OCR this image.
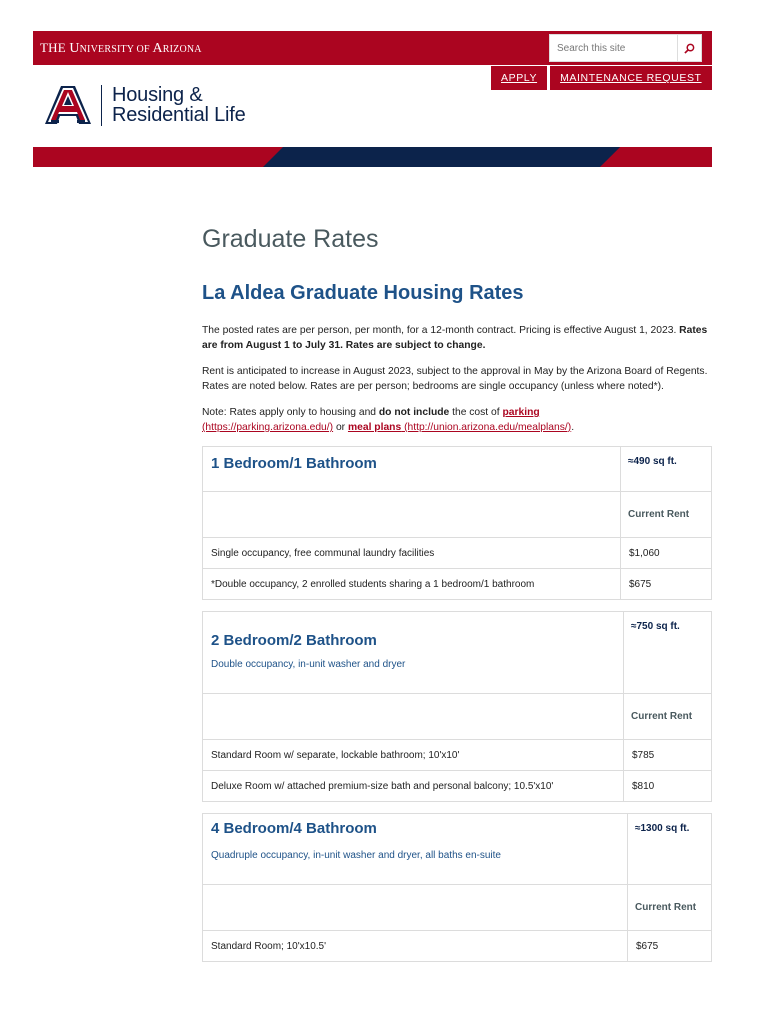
THE UNIVERSITY OF ARIZONA
Search this site
APPLY	MAINTENANCE REQUEST
Housing &
Residential Life
Graduate Rates
La Aldea Graduate Housing Rates

The posted rates are per person, per month, for a 12-month contract. Pricing is effective August 1, 2023. Rates are from August 1 to July 31. Rates are subject to change.

Rent is anticipated to increase in August 2023, subject to the approval in May by the Arizona Board of Regents. Rates are noted below. Rates are per person; bedrooms are single occupancy (unless where noted*).

Note: Rates apply only to housing and do not include the cost of parking
(https://parking.arizona.edu/) or meal plans (http://union.arizona.edu/mealplans/).

1 Bedroom/1 Bathroom	≈490 sq ft.
	Current Rent
Single occupancy, free communal laundry facilities	$1,060
*Double occupancy, 2 enrolled students sharing a 1 bedroom/1 bathroom	$675
2 Bedroom/2 Bathroom
Double occupancy, in-unit washer and dryer	≈750 sq ft.
	Current Rent
Standard Room w/ separate, lockable bathroom; 10'x10'	$785
Deluxe Room w/ attached premium-size bath and personal balcony; 10.5'x10'	$810
4 Bedroom/4 Bathroom
Quadruple occupancy, in-unit washer and dryer, all baths en-suite	≈1300 sq ft.
	Current Rent
Standard Room; 10'x10.5'	$675
